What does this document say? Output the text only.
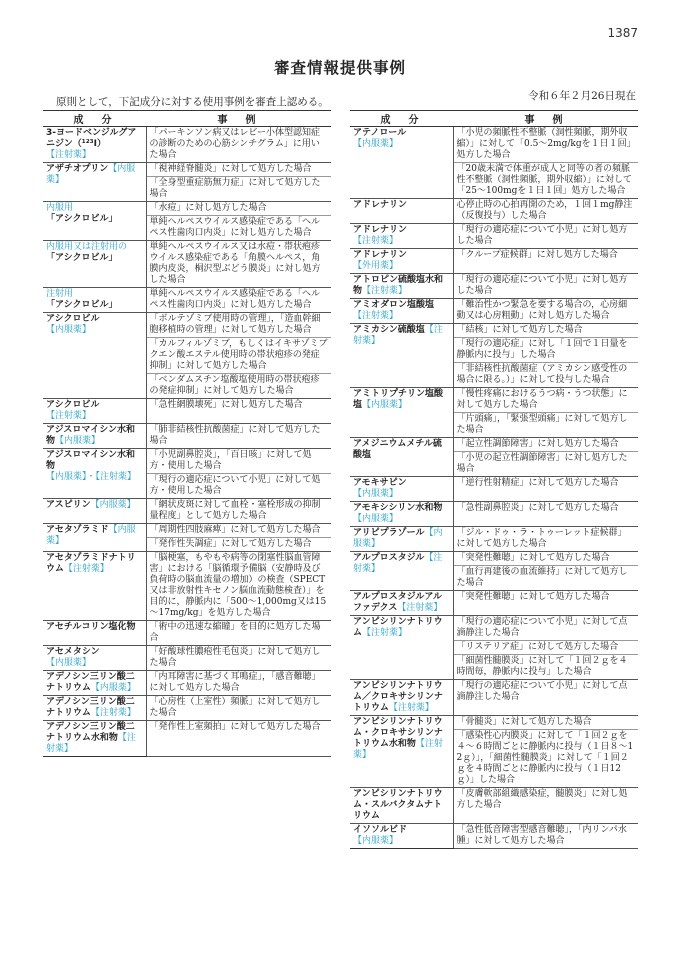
1387
審査情報提供事例
原則として，下記成分に対する使用事例を審査上認める。	令和６年２月26日現在
成　分	事　例
3-ヨードベンジルグアニジン（¹²³I）【注射薬】	「パーキンソン病又はレビー小体型認知症の診断のための心筋シンチグラム」に用いた場合
アザチオプリン【内服薬】	「視神経脊髄炎」に対して処方した場合
	「全身型重症筋無力症」に対して処方した場合
内服用「アシクロビル」	「水痘」に対し処方した場合
	単純ヘルペスウイルス感染症である「ヘルペス性歯肉口内炎」に対し処方した場合
内服用又は注射用の「アシクロビル」	単純ヘルペスウイルス又は水痘・帯状疱疹ウイルス感染症である「角膜ヘルペス，角膜内皮炎，桐沢型ぶどう膜炎」に対し処方した場合
注射用「アシクロビル」	単純ヘルペスウイルス感染症である「ヘルペス性歯肉口内炎」に対し処方した場合
アシクロビル【内服薬】	「ボルテゾミブ使用時の管理」，「造血幹細胞移植時の管理」に対して処方した場合
	「カルフィルゾミブ，もしくはイキサゾミブクエン酸エステル使用時の帯状疱疹の発症抑制」に対して処方した場合
	「ベンダムスチン塩酸塩使用時の帯状疱疹の発症抑制」に対して処方した場合
アシクロビル【注射薬】	「急性網膜壊死」に対し処方した場合
アジスロマイシン水和物【内服薬】	「肺非結核性抗酸菌症」に対して処方した場合
アジスロマイシン水和物【内服薬】・【注射薬】	「小児副鼻腔炎」，「百日咳」に対して処方・使用した場合
	「現行の適応症について小児」に対して処方・使用した場合
アスピリン【内服薬】	「網状皮斑に対して血栓・塞栓形成の抑制量程度」として処方した場合
アセタゾラミド【内服薬】	「周期性四肢麻痺」に対して処方した場合
	「発作性失調症」に対して処方した場合
アセタゾラミドナトリウム【注射薬】	「脳梗塞，もやもや病等の閉塞性脳血管障害」における「脳循環予備脳（安静時及び負荷時の脳血流量の増加）の検査（SPECT又は非放射性キセノン脳血流動態検査）」を目的に，静脈内に「500～1,000mg又は15～17mg/kg」を処方した場合
アセチルコリン塩化物	「術中の迅速な縮瞳」を目的に処方した場合
アセメタシン【内服薬】	「好酸球性膿疱性毛包炎」に対して処方した場合
アデノシン三リン酸二ナトリウム【内服薬】	「内耳障害に基づく耳鳴症」，「感音難聴」に対して処方した場合
アデノシン三リン酸二ナトリウム【注射薬】	「心房性（上室性）頻脈」に対して処方した場合
アデノシン三リン酸二ナトリウム水和物【注射薬】	「発作性上室頻拍」に対して処方した場合
成　分	事　例
アテノロール【内服薬】	「小児の頻脈性不整脈（洞性頻脈，期外収縮）」に対して「0.5～2mg/kgを１日１回」処方した場合
	「20歳未満で体重が成人と同等の者の頻脈性不整脈（洞性頻脈，期外収縮）」に対して「25～100mgを１日１回」処方した場合
アドレナリン	心停止時の心拍再開のため，１回１mg静注（反復投与）した場合
アドレナリン【注射薬】	「現行の適応症について小児」に対し処方した場合
アドレナリン【外用薬】	「クループ症候群」に対し処方した場合
アトロピン硫酸塩水和物【注射薬】	「現行の適応症について小児」に対し処方した場合
アミオダロン塩酸塩【注射薬】	「難治性かつ緊急を要する場合の，心房細動又は心房粗動」に対し処方した場合
アミカシン硫酸塩【注射薬】	「結核」に対して処方した場合
	「現行の適応症」に対し「１回で１日量を静脈内に投与」した場合
	「非結核性抗酸菌症（アミカシン感受性の場合に限る。）」に対して投与した場合
アミトリプチリン塩酸塩【内服薬】	「慢性疼痛におけるうつ病・うつ状態」に対して処方した場合
	「片頭痛」，「緊張型頭痛」に対して処方した場合
アメジニウムメチル硫酸塩	「起立性調節障害」に対し処方した場合
	「小児の起立性調節障害」に対し処方した場合
アモキサピン【内服薬】	「逆行性射精症」に対して処方した場合
アモキシシリン水和物【内服薬】	「急性副鼻腔炎」に対して処方した場合
アリピプラゾール【内服薬】	「ジル・ドゥ・ラ・トゥーレット症候群」に対して処方した場合
アルプロスタジル【注射薬】	「突発性難聴」に対して処方した場合
	「血行再建後の血流維持」に対して処方した場合
アルプロスタジルアルファデクス【注射薬】	「突発性難聴」に対して処方した場合
アンピシリンナトリウム【注射薬】	「現行の適応症について小児」に対して点滴静注した場合
	「リステリア症」に対して処方した場合
	「細菌性髄膜炎」に対して「１回２ｇを４時間毎，静脈内に投与」した場合
アンピシリンナトリウム／クロキサシリンナトリウム【注射薬】	「現行の適応症について小児」に対して点滴静注した場合
アンピシリンナトリウム・クロキサシリンナトリウム水和物【注射薬】	「骨髄炎」に対して処方した場合
	「感染性心内膜炎」に対して「１回２ｇを４～６時間ごとに静脈内に投与（１日８～12ｇ）」，「細菌性髄膜炎」に対して「１回２ｇを４時間ごとに静脈内に投与（１日12ｇ）」した場合
アンピシリンナトリウム・スルバクタムナトリウム	「皮膚軟部組織感染症，髄膜炎」に対し処方した場合
イソソルビド【内服薬】	「急性低音障害型感音難聴」，「内リンパ水腫」に対して処方した場合
